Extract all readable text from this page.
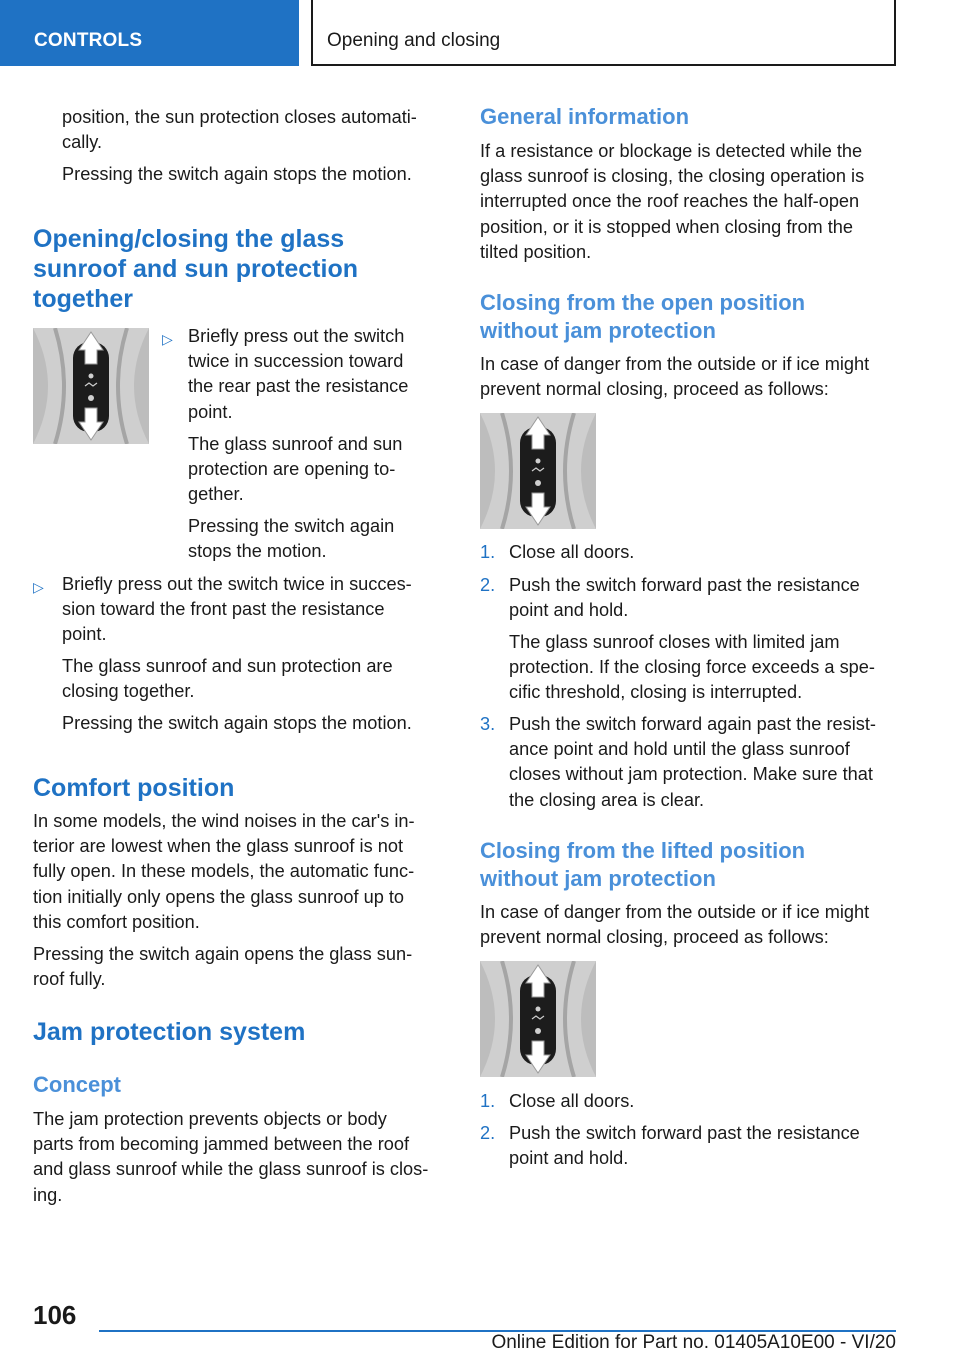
CONTROLS	Opening and closing
position, the sun protection closes automati-
cally.
Pressing the switch again stops the motion.
Opening/closing the glass
sunroof and sun protection
together
▷ Briefly press out the switch
twice in succession toward
the rear past the resistance
point.
The glass sunroof and sun
protection are opening to-
gether.
Pressing the switch again
stops the motion.
▷ Briefly press out the switch twice in succes-
sion toward the front past the resistance
point.
The glass sunroof and sun protection are
closing together.
Pressing the switch again stops the motion.
Comfort position
In some models, the wind noises in the car's in-
terior are lowest when the glass sunroof is not
fully open. In these models, the automatic func-
tion initially only opens the glass sunroof up to
this comfort position.
Pressing the switch again opens the glass sun-
roof fully.
Jam protection system
Concept
The jam protection prevents objects or body
parts from becoming jammed between the roof
and glass sunroof while the glass sunroof is clos-
ing.
General information
If a resistance or blockage is detected while the
glass sunroof is closing, the closing operation is
interrupted once the roof reaches the half-open
position, or it is stopped when closing from the
tilted position.
Closing from the open position
without jam protection
In case of danger from the outside or if ice might
prevent normal closing, proceed as follows:
1. Close all doors.
2. Push the switch forward past the resistance
point and hold.
The glass sunroof closes with limited jam
protection. If the closing force exceeds a spe-
cific threshold, closing is interrupted.
3. Push the switch forward again past the resist-
ance point and hold until the glass sunroof
closes without jam protection. Make sure that
the closing area is clear.
Closing from the lifted position
without jam protection
In case of danger from the outside or if ice might
prevent normal closing, proceed as follows:
1. Close all doors.
2. Push the switch forward past the resistance
point and hold.
106
Online Edition for Part no. 01405A10E00 - VI/20
